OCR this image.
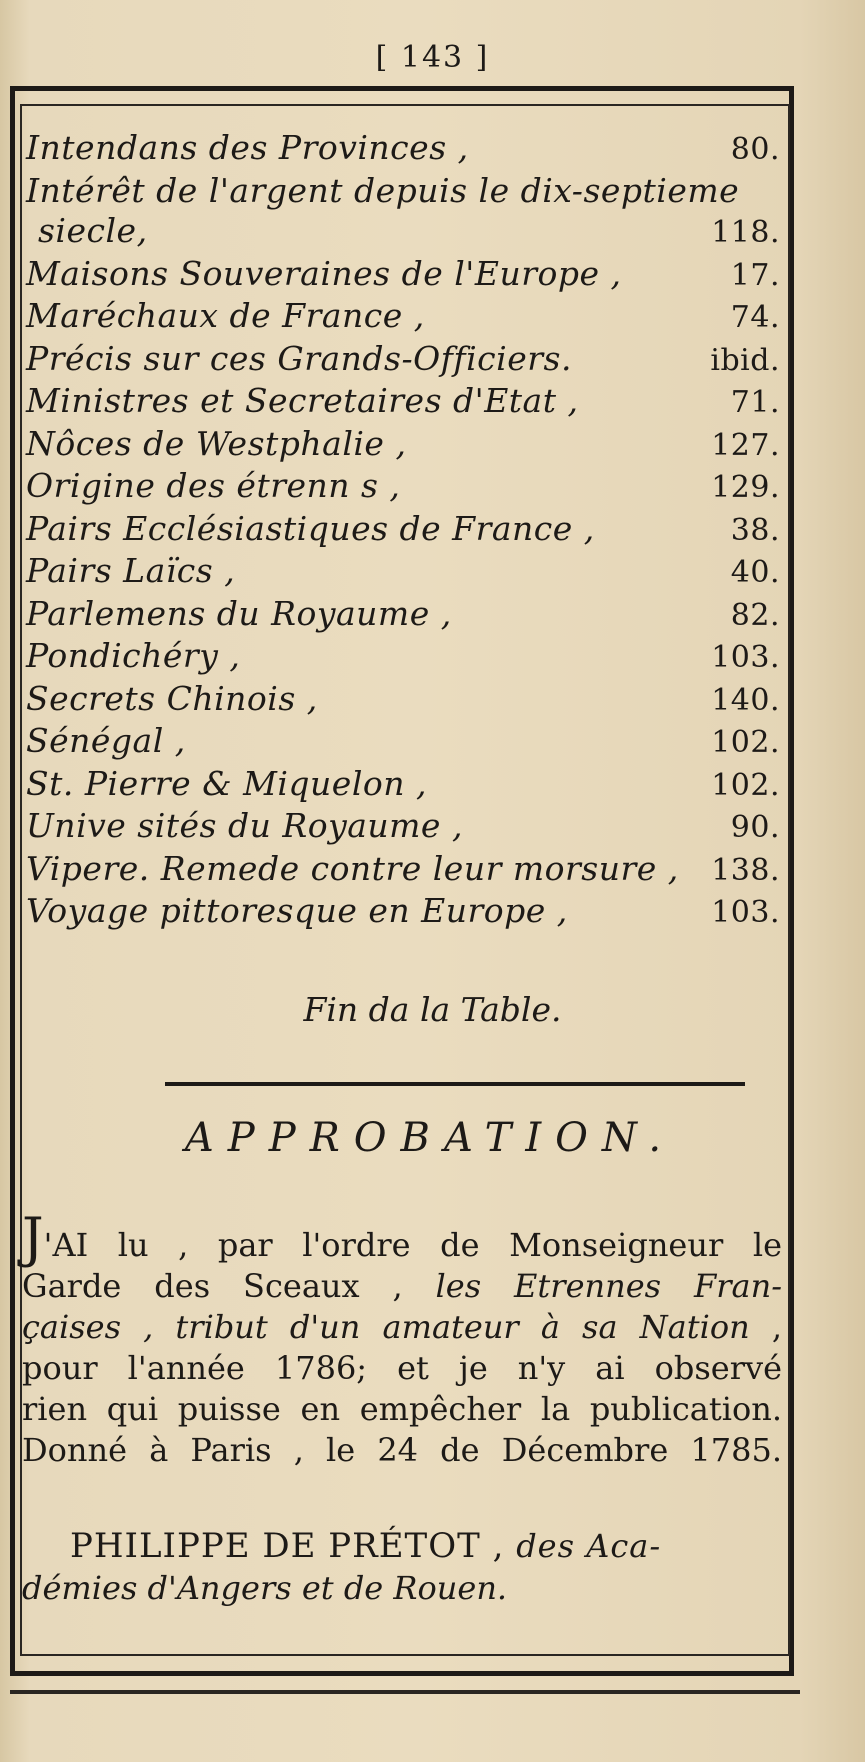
[ 143 ]
Intendans des Provinces ,	80.
Intérêt de l'argent depuis le dix-septieme
siecle,	118.
Maisons Souveraines de l'Europe ,	17.
Maréchaux de France ,	74.
Précis sur ces Grands-Officiers.	ibid.
Ministres et Secretaires d'Etat ,	71.
Nôces de Westphalie ,	127.
Origine des étrenn s ,	129.
Pairs Ecclésiastiques de France ,	38.
Pairs Laïcs ,	40.
Parlemens du Royaume ,	82.
Pondichéry ,	103.
Secrets Chinois ,	140.
Sénégal ,	102.
St. Pierre & Miquelon ,	102.
Unive sités du Royaume ,	90.
Vipere. Remede contre leur morsure ,	138.
Voyage pittoresque en Europe ,	103.
Fin da la Table.
APPROBATION.
J'AI lu , par l'ordre de Monseigneur le
Garde des Sceaux , les Etrennes Fran-
çaises , tribut d'un amateur à sa Nation ,
pour l'année 1786; et je n'y ai observé
rien qui puisse en empêcher la publication.
Donné à Paris , le 24 de Décembre 1785.
PHILIPPE DE PRÉTOT , des Aca-
démies d'Angers et de Rouen.
